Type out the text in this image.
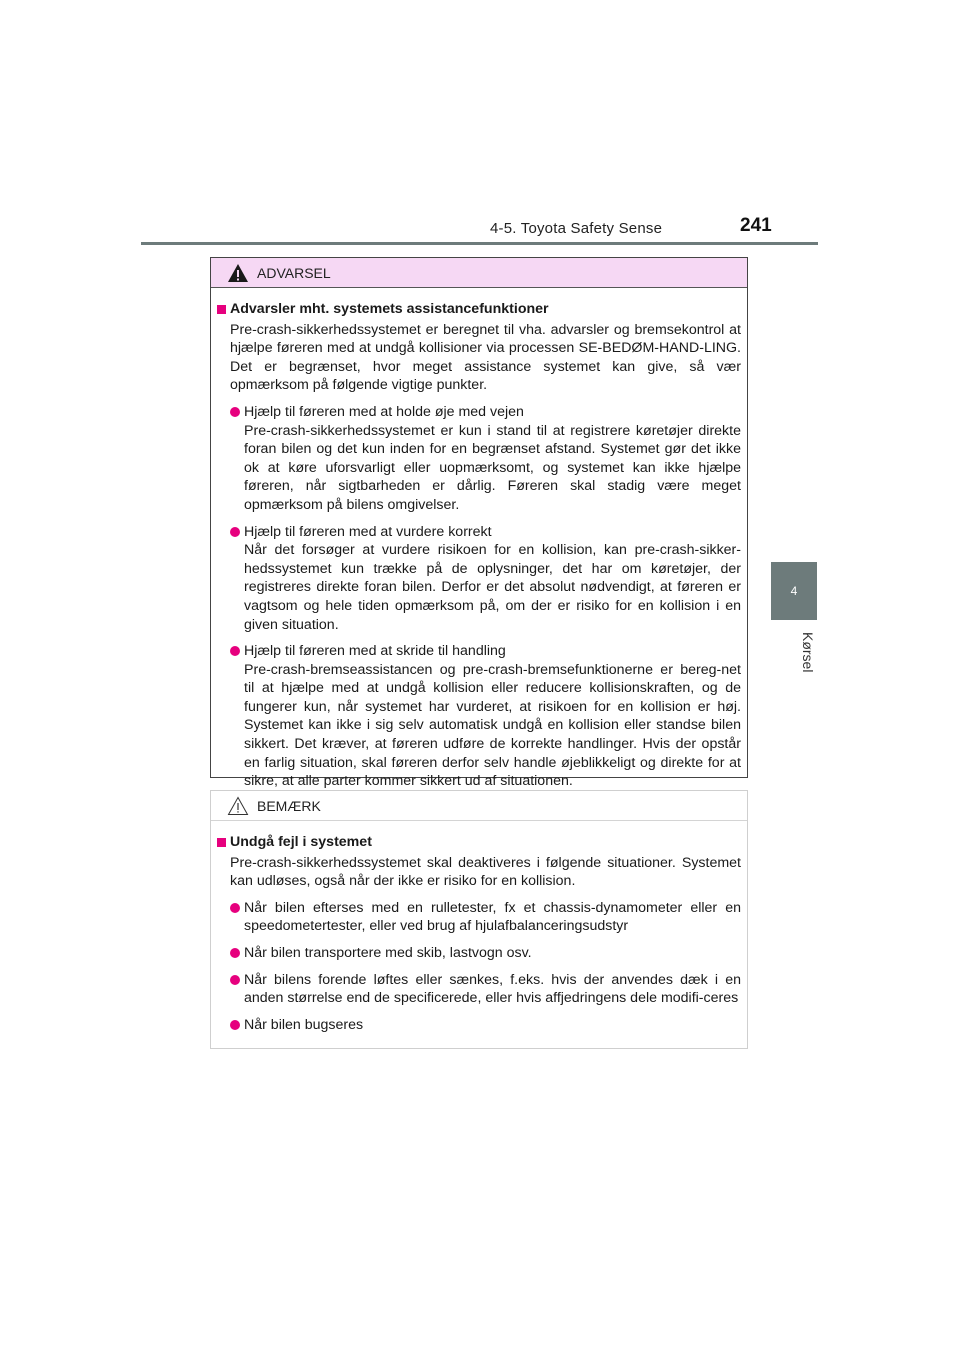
4-5. Toyota Safety Sense	241
4
Kørsel
ADVARSEL
Advarsler mht. systemets assistancefunktioner

Pre-crash-sikkerhedssystemet er beregnet til vha. advarsler og bremsekontrol at hjælpe føreren med at undgå kollisioner via processen SE-BEDØM-HAND-LING. Det er begrænset, hvor meget assistance systemet kan give, så vær opmærksom på følgende vigtige punkter.

Hjælp til føreren med at holde øje med vejen
Pre-crash-sikkerhedssystemet er kun i stand til at registrere køretøjer direkte foran bilen og det kun inden for en begrænset afstand. Systemet gør det ikke ok at køre uforsvarligt eller uopmærksomt, og systemet kan ikke hjælpe føreren, når sigtbarheden er dårlig. Føreren skal stadig være meget opmærksom på bilens omgivelser.
Hjælp til føreren med at vurdere korrekt
Når det forsøger at vurdere risikoen for en kollision, kan pre-crash-sikker-hedssystemet kun trække på de oplysninger, det har om køretøjer, der registreres direkte foran bilen. Derfor er det absolut nødvendigt, at føreren er vagtsom og hele tiden opmærksom på, om der er risiko for en kollision i en given situation.
Hjælp til føreren med at skride til handling
Pre-crash-bremseassistancen og pre-crash-bremsefunktionerne er bereg-net til at hjælpe med at undgå kollision eller reducere kollisionskraften, og de fungerer kun, når systemet har vurderet, at risikoen for en kollision er høj. Systemet kan ikke i sig selv automatisk undgå en kollision eller standse bilen sikkert. Det kræver, at føreren udføre de korrekte handlinger. Hvis der opstår en farlig situation, skal føreren derfor selv handle øjeblikkeligt og direkte for at sikre, at alle parter kommer sikkert ud af situationen.
BEMÆRK
Undgå fejl i systemet

Pre-crash-sikkerhedssystemet skal deaktiveres i følgende situationer. Systemet kan udløses, også når der ikke er risiko for en kollision.

Når bilen efterses med en rulletester, fx et chassis-dynamometer eller en speedometertester, eller ved brug af hjulafbalanceringsudstyr
Når bilen transportere med skib, lastvogn osv.
Når bilens forende løftes eller sænkes, f.eks. hvis der anvendes dæk i en anden størrelse end de specificerede, eller hvis affjedringens dele modifi-ceres
Når bilen bugseres
